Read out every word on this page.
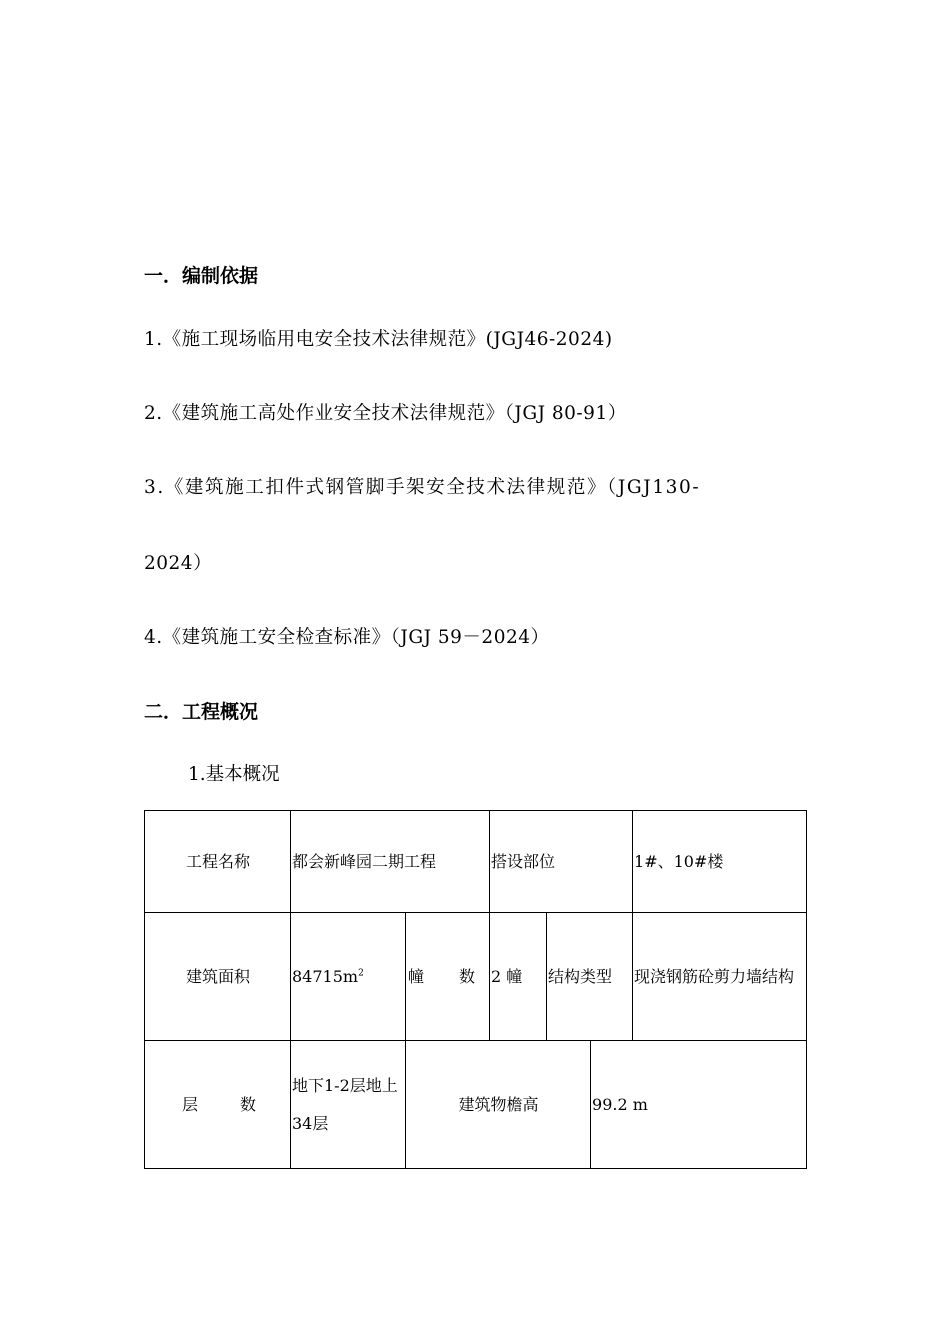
一．编制依据
1.《施工现场临用电安全技术法律规范》(JGJ46-2024)
2.《建筑施工高处作业安全技术法律规范》（JGJ 80-91）
3.《建筑施工扣件式钢管脚手架安全技术法律规范》（JGJ130-
2024）
4.《建筑施工安全检查标准》（JGJ 59－2024）
二．工程概况
1.基本概况
工程名称	都会新峰园二期工程		搭设部位			1#、10#楼
建筑面积	$84715m^2$	幢 数	2 幢	结构类型		现浇钢筋砼剪力墙结构

层 数	地下1-2层地上34层	建筑物檐高			99.2 m	
